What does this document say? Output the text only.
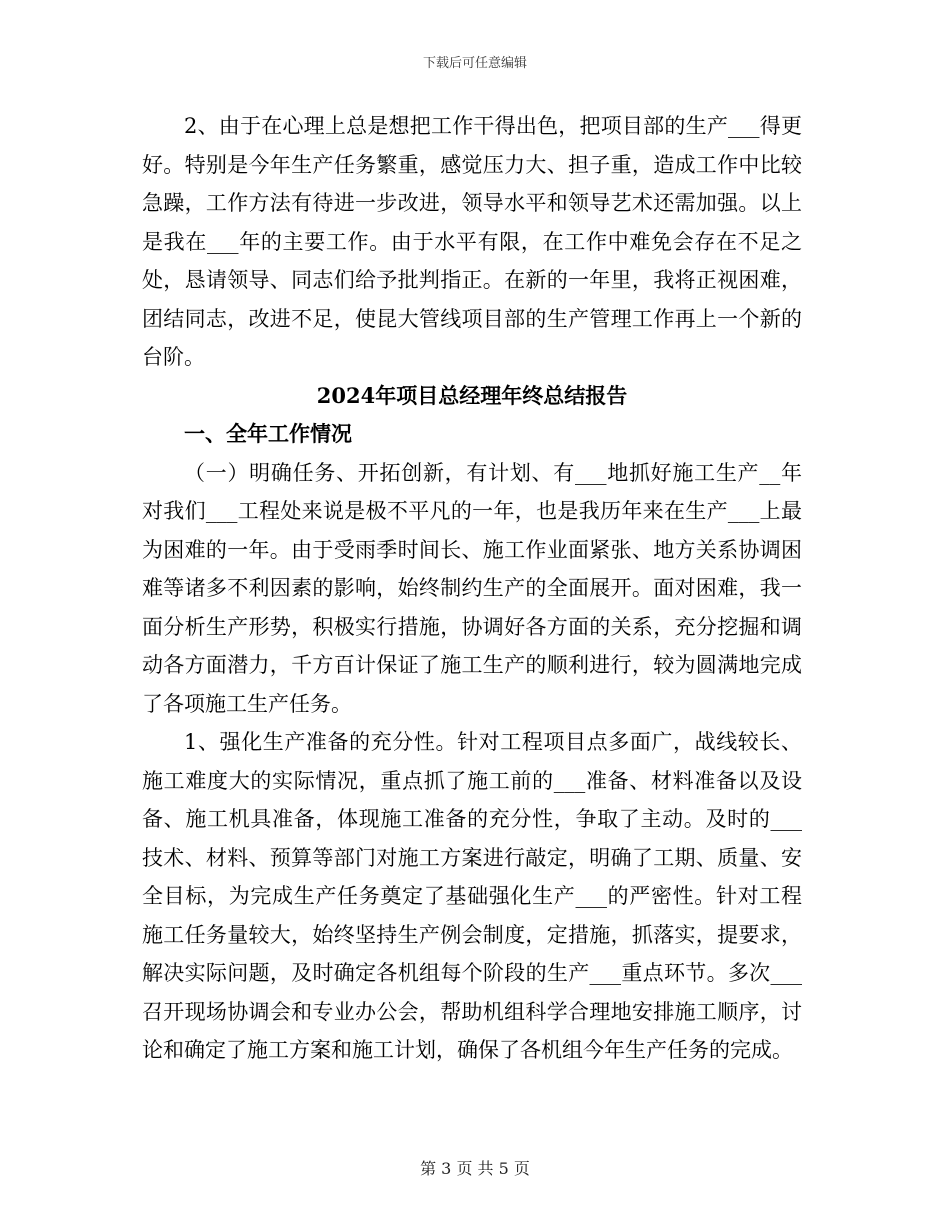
下载后可任意编辑

2、由于在心理上总是想把工作干得出色，把项目部的生产___得更好。特别是今年生产任务繁重，感觉压力大、担子重，造成工作中比较急躁，工作方法有待进一步改进，领导水平和领导艺术还需加强。以上是我在___年的主要工作。由于水平有限，在工作中难免会存在不足之处，恳请领导、同志们给予批判指正。在新的一年里，我将正视困难，团结同志，改进不足，使昆大管线项目部的生产管理工作再上一个新的台阶。

2024年项目总经理年终总结报告

一、全年工作情况

（一）明确任务、开拓创新，有计划、有___地抓好施工生产__年对我们___工程处来说是极不平凡的一年，也是我历年来在生产___上最为困难的一年。由于受雨季时间长、施工作业面紧张、地方关系协调困难等诸多不利因素的影响，始终制约生产的全面展开。面对困难，我一面分析生产形势，积极实行措施，协调好各方面的关系，充分挖掘和调动各方面潜力，千方百计保证了施工生产的顺利进行，较为圆满地完成了各项施工生产任务。

1、强化生产准备的充分性。针对工程项目点多面广，战线较长、施工难度大的实际情况，重点抓了施工前的___准备、材料准备以及设备、施工机具准备，体现施工准备的充分性，争取了主动。及时的___技术、材料、预算等部门对施工方案进行敲定，明确了工期、质量、安全目标，为完成生产任务奠定了基础强化生产___的严密性。针对工程施工任务量较大，始终坚持生产例会制度，定措施，抓落实，提要求，解决实际问题，及时确定各机组每个阶段的生产___重点环节。多次___召开现场协调会和专业办公会，帮助机组科学合理地安排施工顺序，讨论和确定了施工方案和施工计划，确保了各机组今年生产任务的完成。

第 3 页 共 5 页
